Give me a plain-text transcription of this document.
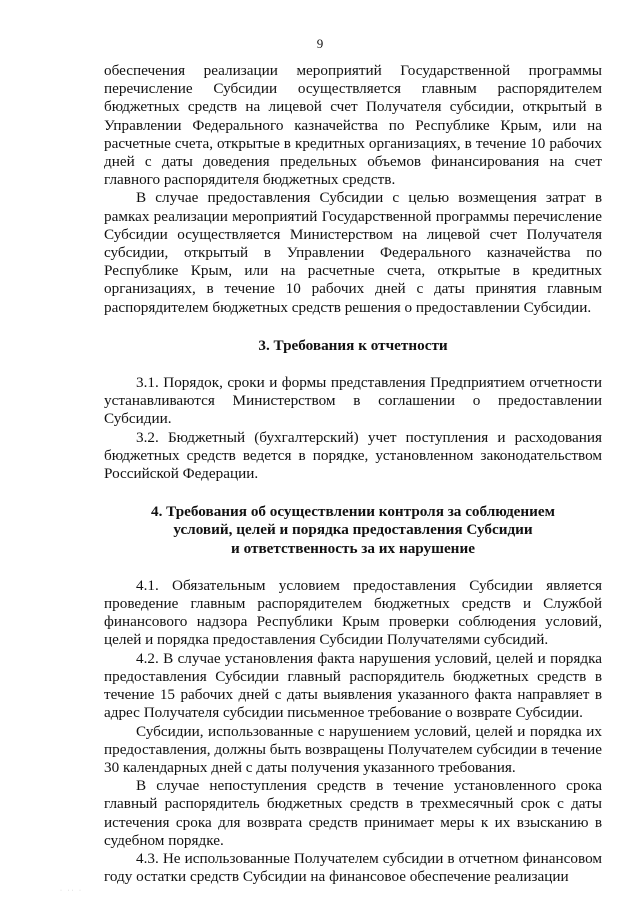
9

обеспечения реализации мероприятий Государственной программы перечисление Субсидии осуществляется главным распорядителем бюджетных средств на лицевой счет Получателя субсидии, открытый в Управлении Федерального казначейства по Республике Крым, или на расчетные счета, открытые в кредитных организациях, в течение 10 рабочих дней с даты доведения предельных объемов финансирования на счет главного распорядителя бюджетных средств.

В случае предоставления Субсидии с целью возмещения затрат в рамках реализации мероприятий Государственной программы перечисление Субсидии осуществляется Министерством на лицевой счет Получателя субсидии, открытый в Управлении Федерального казначейства по Республике Крым, или на расчетные счета, открытые в кредитных организациях, в течение 10 рабочих дней с даты принятия главным распорядителем бюджетных средств решения о предоставлении Субсидии.

3. Требования к отчетности

3.1. Порядок, сроки и формы представления Предприятием отчетности устанавливаются Министерством в соглашении о предоставлении Субсидии.

3.2. Бюджетный (бухгалтерский) учет поступления и расходования бюджетных средств ведется в порядке, установленном законодательством Российской Федерации.

4. Требования об осуществлении контроля за соблюдением
условий, целей и порядка предоставления Субсидии
и ответственность за их нарушение

4.1. Обязательным условием предоставления Субсидии является проведение главным распорядителем бюджетных средств и Службой финансового надзора Республики Крым проверки соблюдения условий, целей и порядка предоставления Субсидии Получателями субсидий.

4.2. В случае установления факта нарушения условий, целей и порядка предоставления Субсидии главный распорядитель бюджетных средств в течение 15 рабочих дней с даты выявления указанного факта направляет в адрес Получателя субсидии письменное требование о возврате Субсидии.

Субсидии, использованные с нарушением условий, целей и порядка их предоставления, должны быть возвращены Получателем субсидии в течение 30 календарных дней с даты получения указанного требования.

В случае непоступления средств в течение установленного срока главный распорядитель бюджетных средств в трехмесячный срок с даты истечения срока для возврата средств принимает меры к их взысканию в судебном порядке.

4.3. Не использованные Получателем субсидии в отчетном финансовом году остатки средств Субсидии на финансовое обеспечение реализации

· ·· ·
